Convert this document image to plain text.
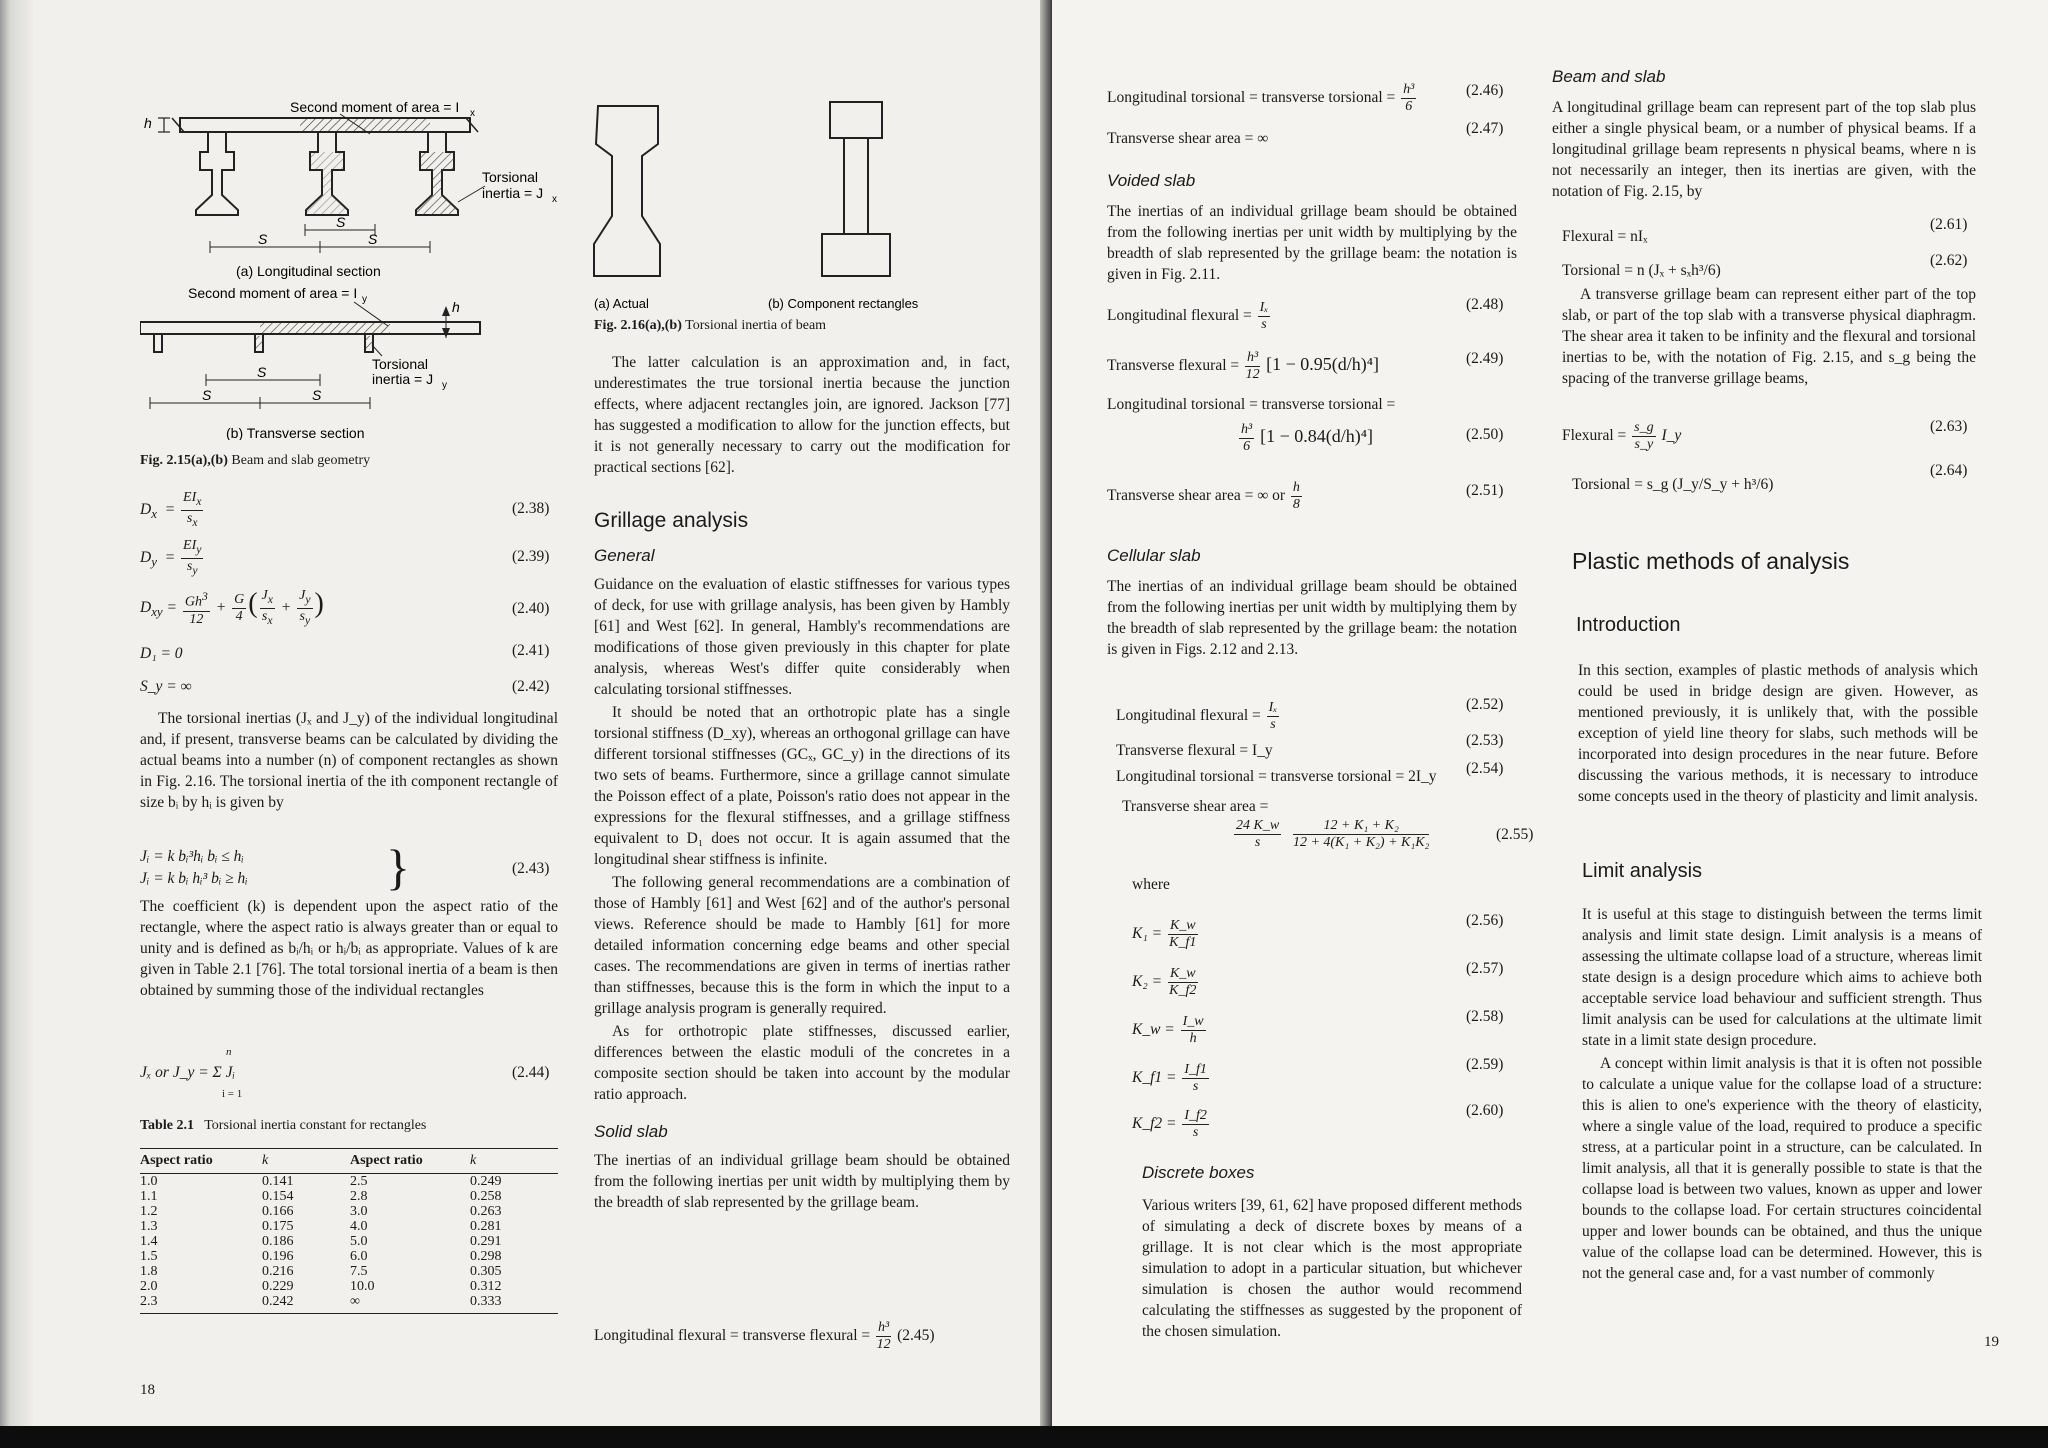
Second moment of area = I x
h
Torsional
inertia = J x
S
S	S
(a) Longitudinal section
Second moment of area = I y	h
Torsional
inertia = J y
S
S	S
(b) Transverse section
Fig. 2.15(a),(b) Beam and slab geometry
$D_x = \frac{EI_x}{s_x}$	(2.38)
$D_y = \frac{EI_y}{s_y}$	(2.39)
$D_{xy} = \frac{Gh^3}{12} + \frac{G}{4}$ ( $\frac{J_x}{s_x} + \frac{J_y}{s_y}$ )	(2.40)
D₁ = 0	(2.41)
S_y = ∞	(2.42)

The torsional inertias (Jₓ and J_y) of the individual longitudinal and, if present, transverse beams can be calculated by dividing the actual beams into a number (n) of component rectangles as shown in Fig. 2.16. The torsional inertia of the ith component rectangle of size bᵢ by hᵢ is given by

Jᵢ = k bᵢ³hᵢ bᵢ ≤ hᵢ
Jᵢ = k bᵢ hᵢ³ bᵢ ≥ hᵢ	}	(2.43)

The coefficient (k) is dependent upon the aspect ratio of the rectangle, where the aspect ratio is always greater than or equal to unity and is defined as bᵢ/hᵢ or hᵢ/bᵢ as appropriate. Values of k are given in Table 2.1 [76]. The total torsional inertia of a beam is then obtained by summing those of the individual rectangles

Jₓ or J_y = Σ Jᵢ
n
i = 1
(2.44)
Table 2.1 Torsional inertia constant for rectangles
Aspect ratio	k	Aspect ratio	k
1.0	0.141	2.5	0.249
1.1	0.154	2.8	0.258
1.2	0.166	3.0	0.263
1.3	0.175	4.0	0.281
1.4	0.186	5.0	0.291
1.5	0.196	6.0	0.298
1.8	0.216	7.5	0.305
2.0	0.229	10.0	0.312
2.3	0.242	∞	0.333
18
(a) Actual	(b) Component rectangles
Fig. 2.16(a),(b) Torsional inertia of beam

The latter calculation is an approximation and, in fact, underestimates the true torsional inertia because the junction effects, where adjacent rectangles join, are ignored. Jackson [77] has suggested a modification to allow for the junction effects, but it is not generally necessary to carry out the modification for practical sections [62].

Grillage analysis

General

Guidance on the evaluation of elastic stiffnesses for various types of deck, for use with grillage analysis, has been given by Hambly [61] and West [62]. In general, Hambly's recommendations are modifications of those given previously in this chapter for plate analysis, whereas West's differ quite considerably when calculating torsional stiffnesses.

It should be noted that an orthotropic plate has a single torsional stiffness (D_xy), whereas an orthogonal grillage can have different torsional stiffnesses (GCₓ, GC_y) in the directions of its two sets of beams. Furthermore, since a grillage cannot simulate the Poisson effect of a plate, Poisson's ratio does not appear in the expressions for the flexural stiffnesses, and a grillage stiffness equivalent to D₁ does not occur. It is again assumed that the longitudinal shear stiffness is infinite.

The following general recommendations are a combination of those of Hambly [61] and West [62] and of the author's personal views. Reference should be made to Hambly [61] for more detailed information concerning edge beams and other special cases. The recommendations are given in terms of inertias rather than stiffnesses, because this is the form in which the input to a grillage analysis program is generally required.

As for orthotropic plate stiffnesses, discussed earlier, differences between the elastic moduli of the concretes in a composite section should be taken into account by the modular ratio approach.

Solid slab

The inertias of an individual grillage beam should be obtained from the following inertias per unit width by multiplying them by the breadth of slab represented by the grillage beam.

Longitudinal flexural = transverse flexural = $\frac{\text{h³}}{12} (2.45)$
Longitudinal torsional = transverse torsional = $\frac{\text{h³}}{6}$	(2.46)
Transverse shear area = ∞
(2.47)

Voided slab

The inertias of an individual grillage beam should be obtained from the following inertias per unit width by multiplying by the breadth of slab represented by the grillage beam: the notation is given in Fig. 2.11.

Longitudinal flexural = $\frac{\text{Iₓ}}{s}$	(2.48)
Transverse flexural = $\frac{\text{h³}}{12} [1 - 0.95(d/h)^4]$	(2.49)
Longitudinal torsional = transverse torsional =
$\frac{\text{h³}}{6} [1 - 0.84(d/h)^4]$	(2.50)
Transverse shear area = ∞ or $\frac{h}{8}$	(2.51)

Cellular slab

The inertias of an individual grillage beam should be obtained from the following inertias per unit width by multiplying them by the breadth of slab represented by the grillage beam: the notation is given in Figs. 2.12 and 2.13.

Longitudinal flexural = $\frac{\text{Iₓ}}{s}$	(2.52)
Transverse flexural = I_y
(2.53)
Longitudinal torsional = transverse torsional = 2I_y (2.54)
Transverse shear area =
$\frac{24 K\_w}{s}$
$\frac{\text{12 + K₁ + K₂}}{\text{12 + 4(K₁ + K₂) + K₁K₂}}$	(2.55)
where
$K_1 = \frac{K\_w}{K\_f1}$	(2.56)
$K_2 = \frac{K\_w}{K\_f2}$	(2.57)
K_w = $\frac{I\_w}{h}$	(2.58)
K_f1 = $\frac{I\_f1}{s}$	(2.59)
K_f2 = $\frac{I\_f2}{s}$	(2.60)

Discrete boxes

Various writers [39, 61, 62] have proposed different methods of simulating a deck of discrete boxes by means of a grillage. It is not clear which is the most appropriate simulation to adopt in a particular situation, but whichever simulation is chosen the author would recommend calculating the stiffnesses as suggested by the proponent of the chosen simulation.

Beam and slab

A longitudinal grillage beam can represent part of the top slab plus either a single physical beam, or a number of physical beams. If a longitudinal grillage beam represents n physical beams, where n is not necessarily an integer, then its inertias are given, with the notation of Fig. 2.15, by

Flexural = nIₓ
(2.61)
Torsional = n (Jₓ + sₓh³/6)
(2.62)

A transverse grillage beam can represent either part of the top slab, or part of the top slab with a transverse physical diaphragm. The shear area it taken to be infinity and the flexural and torsional inertias to be, with the notation of Fig. 2.15, and s_g being the spacing of the tranverse grillage beams,

Flexural = $\frac{s\_g}{s\_y}$ I_y
(2.63)
Torsional = s_g (J_y/S_y + h³/6)
(2.64)
Plastic methods of analysis
Introduction

In this section, examples of plastic methods of analysis which could be used in bridge design are given. However, as mentioned previously, it is unlikely that, with the possible exception of yield line theory for slabs, such methods will be incorporated into design procedures in the near future. Before discussing the various methods, it is necessary to introduce some concepts used in the theory of plasticity and limit analysis.

Limit analysis

It is useful at this stage to distinguish between the terms limit analysis and limit state design. Limit analysis is a means of assessing the ultimate collapse load of a structure, whereas limit state design is a design procedure which aims to achieve both acceptable service load behaviour and sufficient strength. Thus limit analysis can be used for calculations at the ultimate limit state in a limit state design procedure.

A concept within limit analysis is that it is often not possible to calculate a unique value for the collapse load of a structure: this is alien to one's experience with the theory of elasticity, where a single value of the load, required to produce a specific stress, at a particular point in a structure, can be calculated. In limit analysis, all that it is generally possible to state is that the collapse load is between two values, known as upper and lower bounds to the collapse load. For certain structures coincidental upper and lower bounds can be obtained, and thus the unique value of the collapse load can be determined. However, this is not the general case and, for a vast number of commonly

19
